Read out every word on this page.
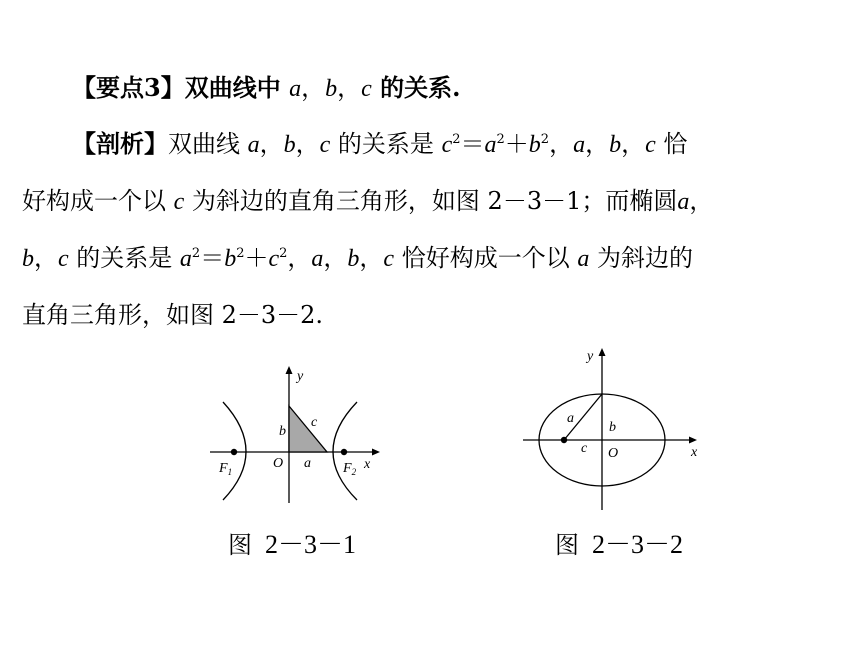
【要点3】双曲线中 a，b，c 的关系.
【剖析】双曲线 a，b，c 的关系是 $c^2=a^2+b^2$，a，b，c 恰
好构成一个以 c 为斜边的直角三角形，如图 2－3－1；而椭圆a，
b，c 的关系是 $a^2=b^2+c^2$，a，b，c 恰好构成一个以 a 为斜边的
直角三角形，如图 2－3－2.
y
x
O a
b
c
$F_1$	$F_2$
y
x
O
a
b
c
图 2－3－1	图 2－3－2
